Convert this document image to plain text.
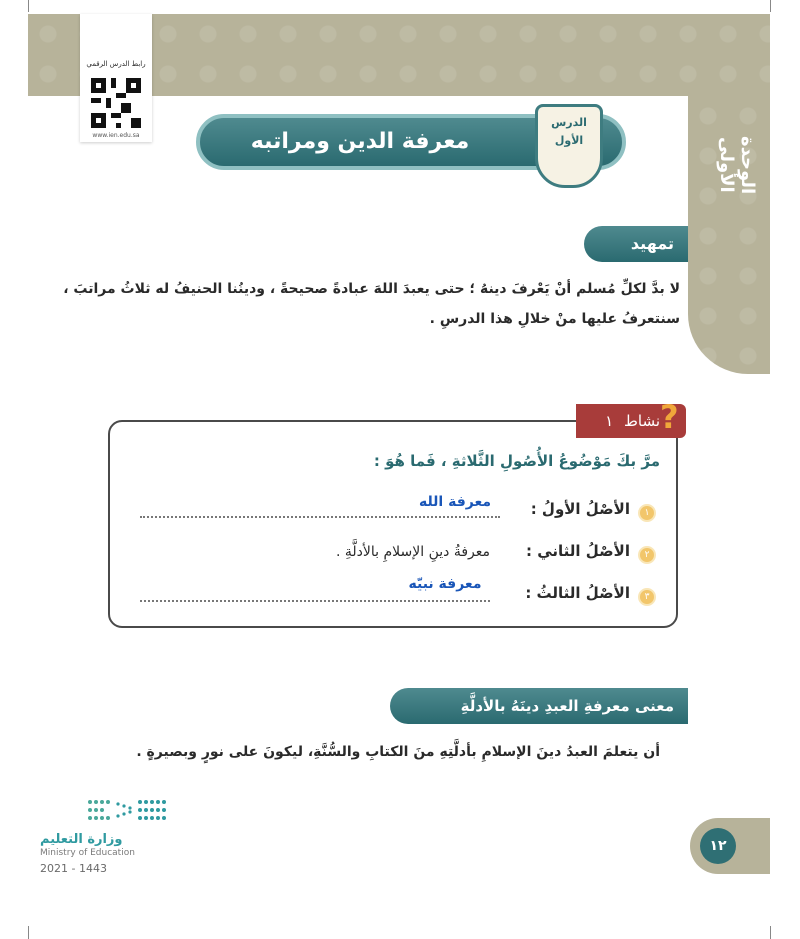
الوحدة الأولى
رابط الدرس الرقمي
www.ien.edu.sa	معرفة الدين ومراتبه
الدرس
الأول
تمهيد
لا بدَّ لكلِّ مُسلم أنْ يَعْرفَ دينهُ ؛ حتى يعبدَ اللهَ عبادةً صحيحةً ، ودينُنا الحنيفُ له ثلاثُ مراتبَ ، سنتعرفُ عليها منْ خلالِ هذا الدرسِ .
نشاط ١	?
مرَّ بكَ مَوْضُوعُ الأُصُولِ الثَّلاثةِ ، فَما هُوَ :
١
الأصْلُ الأولُ :
معرفة الله
٢
الأصْلُ الثاني :
معرفةُ دينِ الإسلامِ بالأدلَّةِ .
٣
الأصْلُ الثالثُ :
معرفة نبيّه
معنى معرفةِ العبدِ دينَهُ بالأدلَّةِ
أن يتعلمَ العبدُ دينَ الإسلامِ بأدلَّتِهِ منَ الكتابِ والسُّنَّةِ، ليكونَ على نورٍ وبصيرةٍ .
وزارة التعليم
Ministry of Education
2021 - 1443
١٢
